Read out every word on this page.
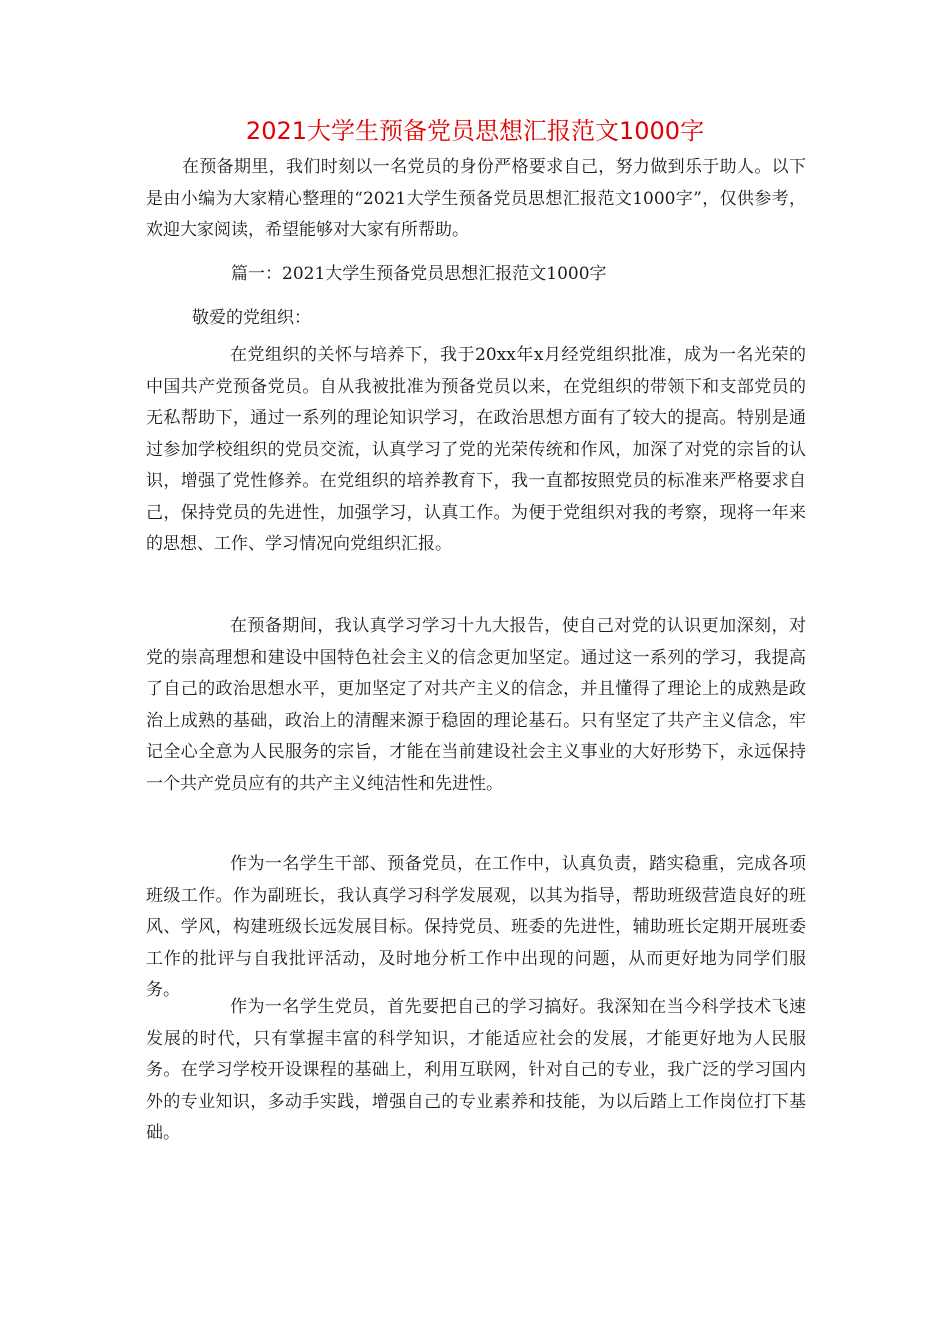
2021大学生预备党员思想汇报范文1000字

在预备期里，我们时刻以一名党员的身份严格要求自己，努力做到乐于助人。以下是由小编为大家精心整理的“2021大学生预备党员思想汇报范文1000字”，仅供参考，欢迎大家阅读，希望能够对大家有所帮助。

篇一：2021大学生预备党员思想汇报范文1000字

敬爱的党组织：

在党组织的关怀与培养下，我于20xx年x月经党组织批准，成为一名光荣的中国共产党预备党员。自从我被批准为预备党员以来，在党组织的带领下和支部党员的无私帮助下，通过一系列的理论知识学习，在政治思想方面有了较大的提高。特别是通过参加学校组织的党员交流，认真学习了党的光荣传统和作风，加深了对党的宗旨的认识，增强了党性修养。在党组织的培养教育下，我一直都按照党员的标准来严格要求自己，保持党员的先进性，加强学习，认真工作。为便于党组织对我的考察，现将一年来的思想、工作、学习情况向党组织汇报。

在预备期间，我认真学习学习十九大报告，使自己对党的认识更加深刻，对党的崇高理想和建设中国特色社会主义的信念更加坚定。通过这一系列的学习，我提高了自己的政治思想水平，更加坚定了对共产主义的信念，并且懂得了理论上的成熟是政治上成熟的基础，政治上的清醒来源于稳固的理论基石。只有坚定了共产主义信念，牢记全心全意为人民服务的宗旨，才能在当前建设社会主义事业的大好形势下，永远保持一个共产党员应有的共产主义纯洁性和先进性。

作为一名学生干部、预备党员，在工作中，认真负责，踏实稳重，完成各项班级工作。作为副班长，我认真学习科学发展观，以其为指导，帮助班级营造良好的班风、学风，构建班级长远发展目标。保持党员、班委的先进性，辅助班长定期开展班委工作的批评与自我批评活动，及时地分析工作中出现的问题，从而更好地为同学们服务。

作为一名学生党员，首先要把自己的学习搞好。我深知在当今科学技术飞速发展的时代，只有掌握丰富的科学知识，才能适应社会的发展，才能更好地为人民服务。在学习学校开设课程的基础上，利用互联网，针对自己的专业，我广泛的学习国内外的专业知识，多动手实践，增强自己的专业素养和技能，为以后踏上工作岗位打下基础。
